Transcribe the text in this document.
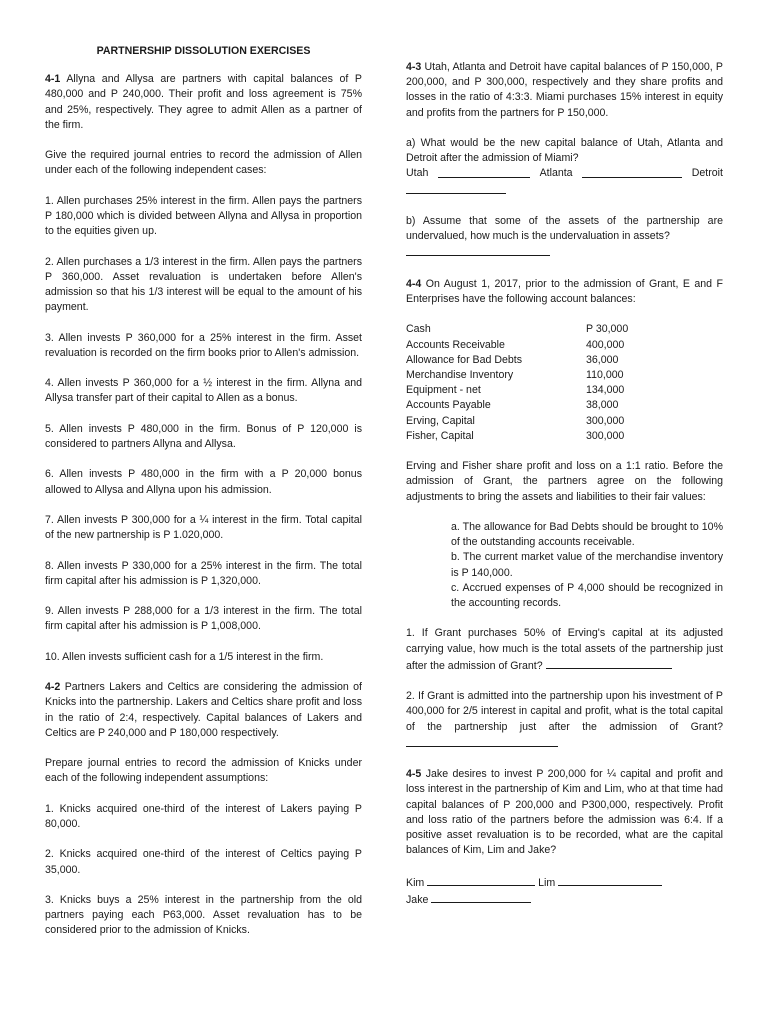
PARTNERSHIP DISSOLUTION EXERCISES

4-1 Allyna and Allysa are partners with capital balances of P 480,000 and P 240,000. Their profit and loss agreement is 75% and 25%, respectively. They agree to admit Allen as a partner of the firm.

Give the required journal entries to record the admission of Allen under each of the following independent cases:

1. Allen purchases 25% interest in the firm. Allen pays the partners P 180,000 which is divided between Allyna and Allysa in proportion to the equities given up.

2. Allen purchases a 1/3 interest in the firm. Allen pays the partners P 360,000. Asset revaluation is undertaken before Allen's admission so that his 1/3 interest will be equal to the amount of his payment.

3. Allen invests P 360,000 for a 25% interest in the firm. Asset revaluation is recorded on the firm books prior to Allen's admission.

4. Allen invests P 360,000 for a ½ interest in the firm. Allyna and Allysa transfer part of their capital to Allen as a bonus.

5. Allen invests P 480,000 in the firm. Bonus of P 120,000 is considered to partners Allyna and Allysa.

6. Allen invests P 480,000 in the firm with a P 20,000 bonus allowed to Allysa and Allyna upon his admission.

7. Allen invests P 300,000 for a ¼ interest in the firm. Total capital of the new partnership is P 1.020,000.

8. Allen invests P 330,000 for a 25% interest in the firm. The total firm capital after his admission is P 1,320,000.

9. Allen invests P 288,000 for a 1/3 interest in the firm. The total firm capital after his admission is P 1,008,000.

10. Allen invests sufficient cash for a 1/5 interest in the firm.

4-2 Partners Lakers and Celtics are considering the admission of Knicks into the partnership. Lakers and Celtics share profit and loss in the ratio of 2:4, respectively. Capital balances of Lakers and Celtics are P 240,000 and P 180,000 respectively.

Prepare journal entries to record the admission of Knicks under each of the following independent assumptions:

1. Knicks acquired one-third of the interest of Lakers paying P 80,000.

2. Knicks acquired one-third of the interest of Celtics paying P 35,000.

3. Knicks buys a 25% interest in the partnership from the old partners paying each P63,000. Asset revaluation has to be considered prior to the admission of Knicks.

4-3 Utah, Atlanta and Detroit have capital balances of P 150,000, P 200,000, and P 300,000, respectively and they share profits and losses in the ratio of 4:3:3. Miami purchases 15% interest in equity and profits from the partners for P 150,000.

a) What would be the new capital balance of Utah, Atlanta and Detroit after the admission of Miami?

Utah	Atlanta	Detroit

b) Assume that some of the assets of the partnership are undervalued, how much is the undervaluation in assets?

4-4 On August 1, 2017, prior to the admission of Grant, E and F Enterprises have the following account balances:

Cash	P 30,000
Accounts Receivable	400,000
Allowance for Bad Debts	36,000
Merchandise Inventory	110,000
Equipment - net	134,000
Accounts Payable	38,000
Erving, Capital	300,000
Fisher, Capital	300,000

Erving and Fisher share profit and loss on a 1:1 ratio. Before the admission of Grant, the partners agree on the following adjustments to bring the assets and liabilities to their fair values:

a. The allowance for Bad Debts should be brought to 10% of the outstanding accounts receivable.

b. The current market value of the merchandise inventory is P 140,000.

c. Accrued expenses of P 4,000 should be recognized in the accounting records.

1. If Grant purchases 50% of Erving's capital at its adjusted carrying value, how much is the total assets of the partnership just after the admission of Grant?

2. If Grant is admitted into the partnership upon his investment of P 400,000 for 2/5 interest in capital and profit, what is the total capital of the partnership just after the admission of Grant?

4-5 Jake desires to invest P 200,000 for ¼ capital and profit and loss interest in the partnership of Kim and Lim, who at that time had capital balances of P 200,000 and P300,000, respectively. Profit and loss ratio of the partners before the admission was 6:4. If a positive asset revaluation is to be recorded, what are the capital balances of Kim, Lim and Jake?

Kim	Lim
Jake
